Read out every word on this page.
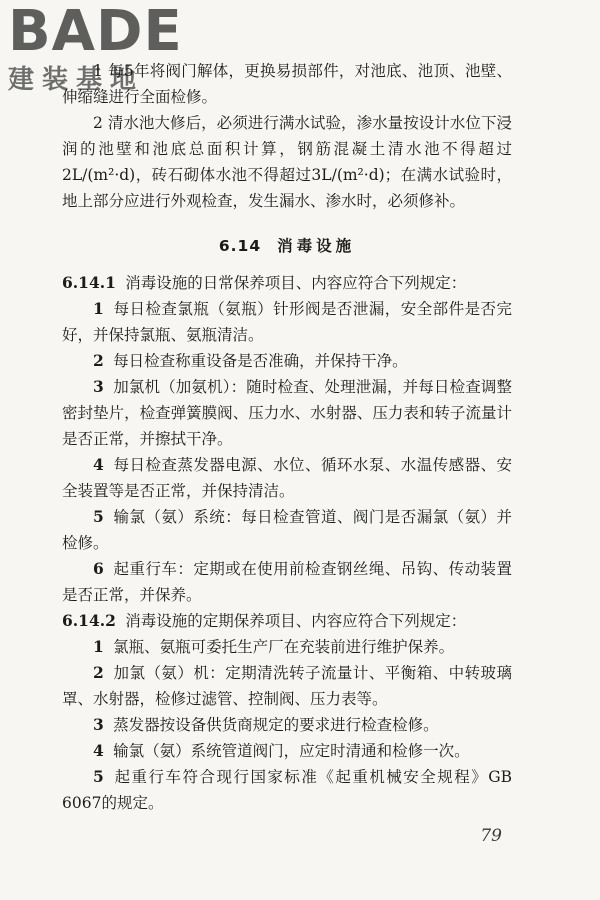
BADE
建装基地

1 每5年将阀门解体，更换易损部件，对池底、池顶、池壁、伸缩缝进行全面检修。

2 清水池大修后，必须进行满水试验，渗水量按设计水位下浸润的池壁和池底总面积计算，钢筋混凝土清水池不得超过2L/(m²·d)，砖石砌体水池不得超过3L/(m²·d)；在满水试验时，地上部分应进行外观检查，发生漏水、渗水时，必须修补。

6.14 消毒设施

6.14.1 消毒设施的日常保养项目、内容应符合下列规定：

1 每日检查氯瓶（氨瓶）针形阀是否泄漏，安全部件是否完好，并保持氯瓶、氨瓶清洁。

2 每日检查称重设备是否准确，并保持干净。

3 加氯机（加氨机）：随时检查、处理泄漏，并每日检查调整密封垫片，检查弹簧膜阀、压力水、水射器、压力表和转子流量计是否正常，并擦拭干净。

4 每日检查蒸发器电源、水位、循环水泵、水温传感器、安全装置等是否正常，并保持清洁。

5 输氯（氨）系统：每日检查管道、阀门是否漏氯（氨）并检修。

6 起重行车：定期或在使用前检查钢丝绳、吊钩、传动装置是否正常，并保养。

6.14.2 消毒设施的定期保养项目、内容应符合下列规定：

1 氯瓶、氨瓶可委托生产厂在充装前进行维护保养。

2 加氯（氨）机：定期清洗转子流量计、平衡箱、中转玻璃罩、水射器，检修过滤管、控制阀、压力表等。

3 蒸发器按设备供货商规定的要求进行检查检修。

4 输氯（氨）系统管道阀门，应定时清通和检修一次。

5 起重行车符合现行国家标准《起重机械安全规程》GB 6067的规定。

79
